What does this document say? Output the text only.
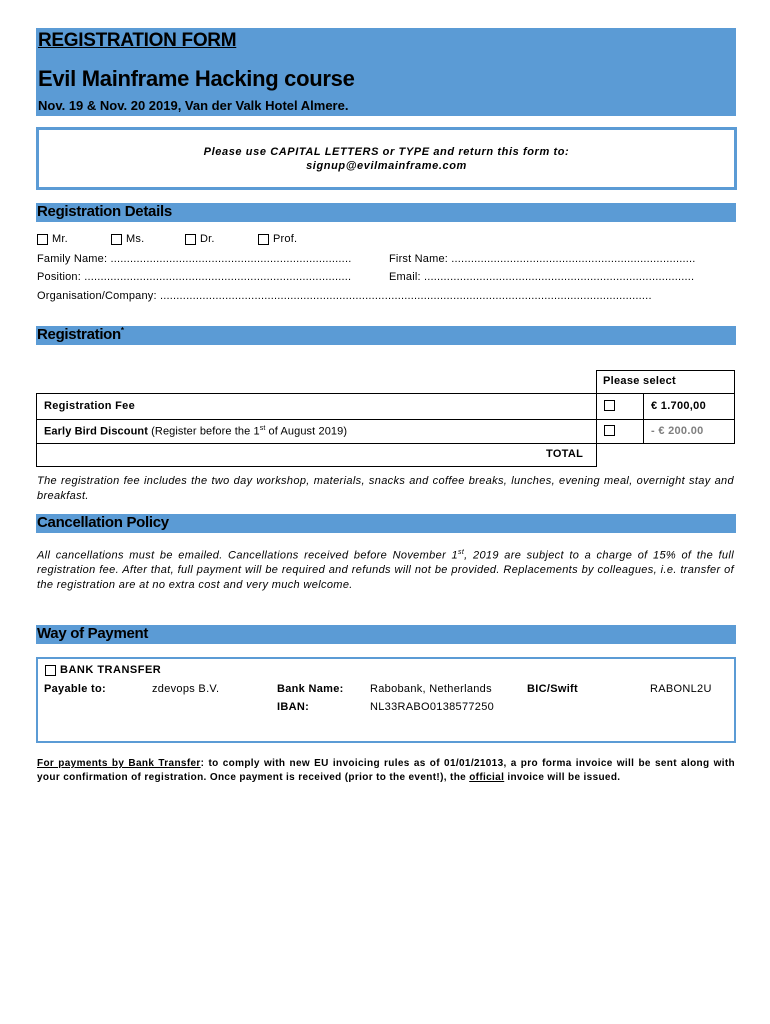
REGISTRATION FORM
Evil Mainframe Hacking course
Nov. 19 & Nov. 20 2019, Van der Valk Hotel Almere.
Please use CAPITAL LETTERS or TYPE and return this form to:
signup@evilmainframe.com
Registration Details
Mr.	Ms.	Dr.	Prof.
Family Name: ..........................................................................	First Name: ...........................................................................
Position: ..................................................................................	Email: ...................................................................................
Organisation/Company: .......................................................................................................................................................
Registration*
Please select
Registration Fee	€ 1.700,00
Early Bird Discount (Register before the 1st of August 2019)	- € 200.00
TOTAL
The registration fee includes the two day workshop, materials, snacks and coffee breaks, lunches, evening meal, overnight stay and breakfast.
Cancellation Policy
All cancellations must be emailed. Cancellations received before November 1st, 2019 are subject to a charge of 15% of the full registration fee. After that, full payment will be required and refunds will not be provided. Replacements by colleagues, i.e. transfer of the registration are at no extra cost and very much welcome.
Way of Payment
BANK TRANSFER
Payable to:	zdevops B.V.	Bank Name: Rabobank, Netherlands	BIC/Swift	RABONL2U
IBAN:	NL33RABO0138577250
For payments by Bank Transfer: to comply with new EU invoicing rules as of 01/01/21013, a pro forma invoice will be sent along with your confirmation of registration. Once payment is received (prior to the event!), the official invoice will be issued.
